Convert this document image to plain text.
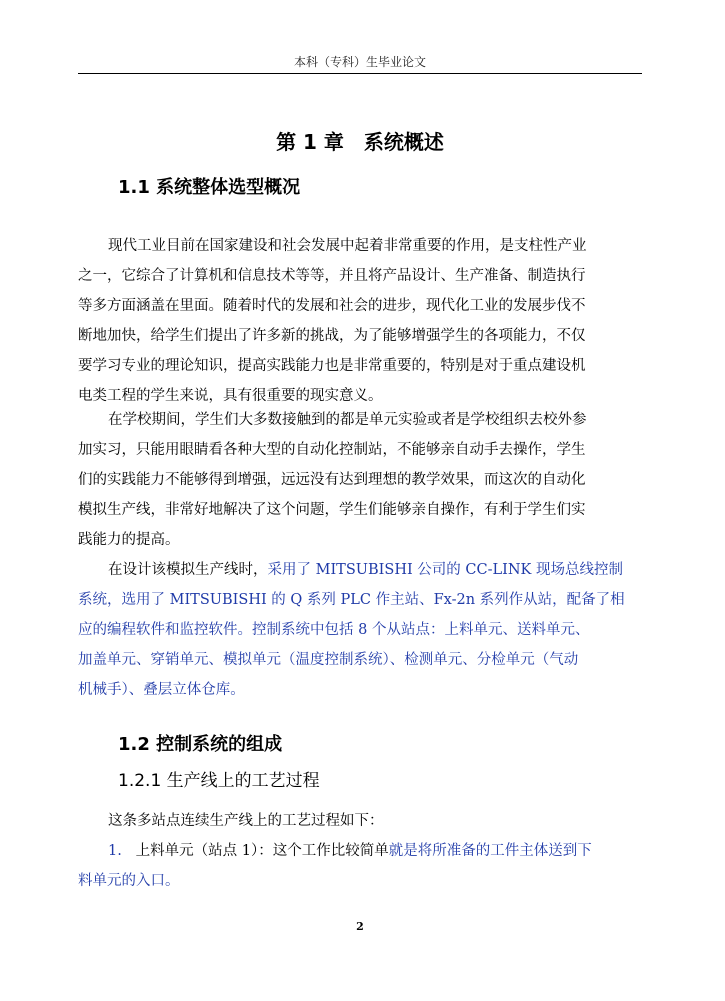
本科（专科）生毕业论文
第 1 章　系统概述
1.1 系统整体选型概况
现代工业目前在国家建设和社会发展中起着非常重要的作用，是支柱性产业
之一，它综合了计算机和信息技术等等，并且将产品设计、生产准备、制造执行
等多方面涵盖在里面。随着时代的发展和社会的进步，现代化工业的发展步伐不
断地加快，给学生们提出了许多新的挑战，为了能够增强学生的各项能力，不仅
要学习专业的理论知识，提高实践能力也是非常重要的，特别是对于重点建设机
电类工程的学生来说，具有很重要的现实意义。
在学校期间，学生们大多数接触到的都是单元实验或者是学校组织去校外参
加实习，只能用眼睛看各种大型的自动化控制站，不能够亲自动手去操作，学生
们的实践能力不能够得到增强，远远没有达到理想的教学效果，而这次的自动化
模拟生产线，非常好地解决了这个问题，学生们能够亲自操作，有利于学生们实
践能力的提高。
在设计该模拟生产线时，采用了 MITSUBISHI 公司的 CC-LINK 现场总线控制
系统，选用了 MITSUBISHI 的 Q 系列 PLC 作主站、Fx-2n 系列作从站，配备了相
应的编程软件和监控软件。控制系统中包括 8 个从站点：上料单元、送料单元、
加盖单元、穿销单元、模拟单元（温度控制系统）、检测单元、分检单元（气动
机械手）、叠层立体仓库。
1.2 控制系统的组成
1.2.1 生产线上的工艺过程
这条多站点连续生产线上的工艺过程如下：
1. 上料单元（站点 1）：这个工作比较简单就是将所准备的工件主体送到下
料单元的入口。
2
